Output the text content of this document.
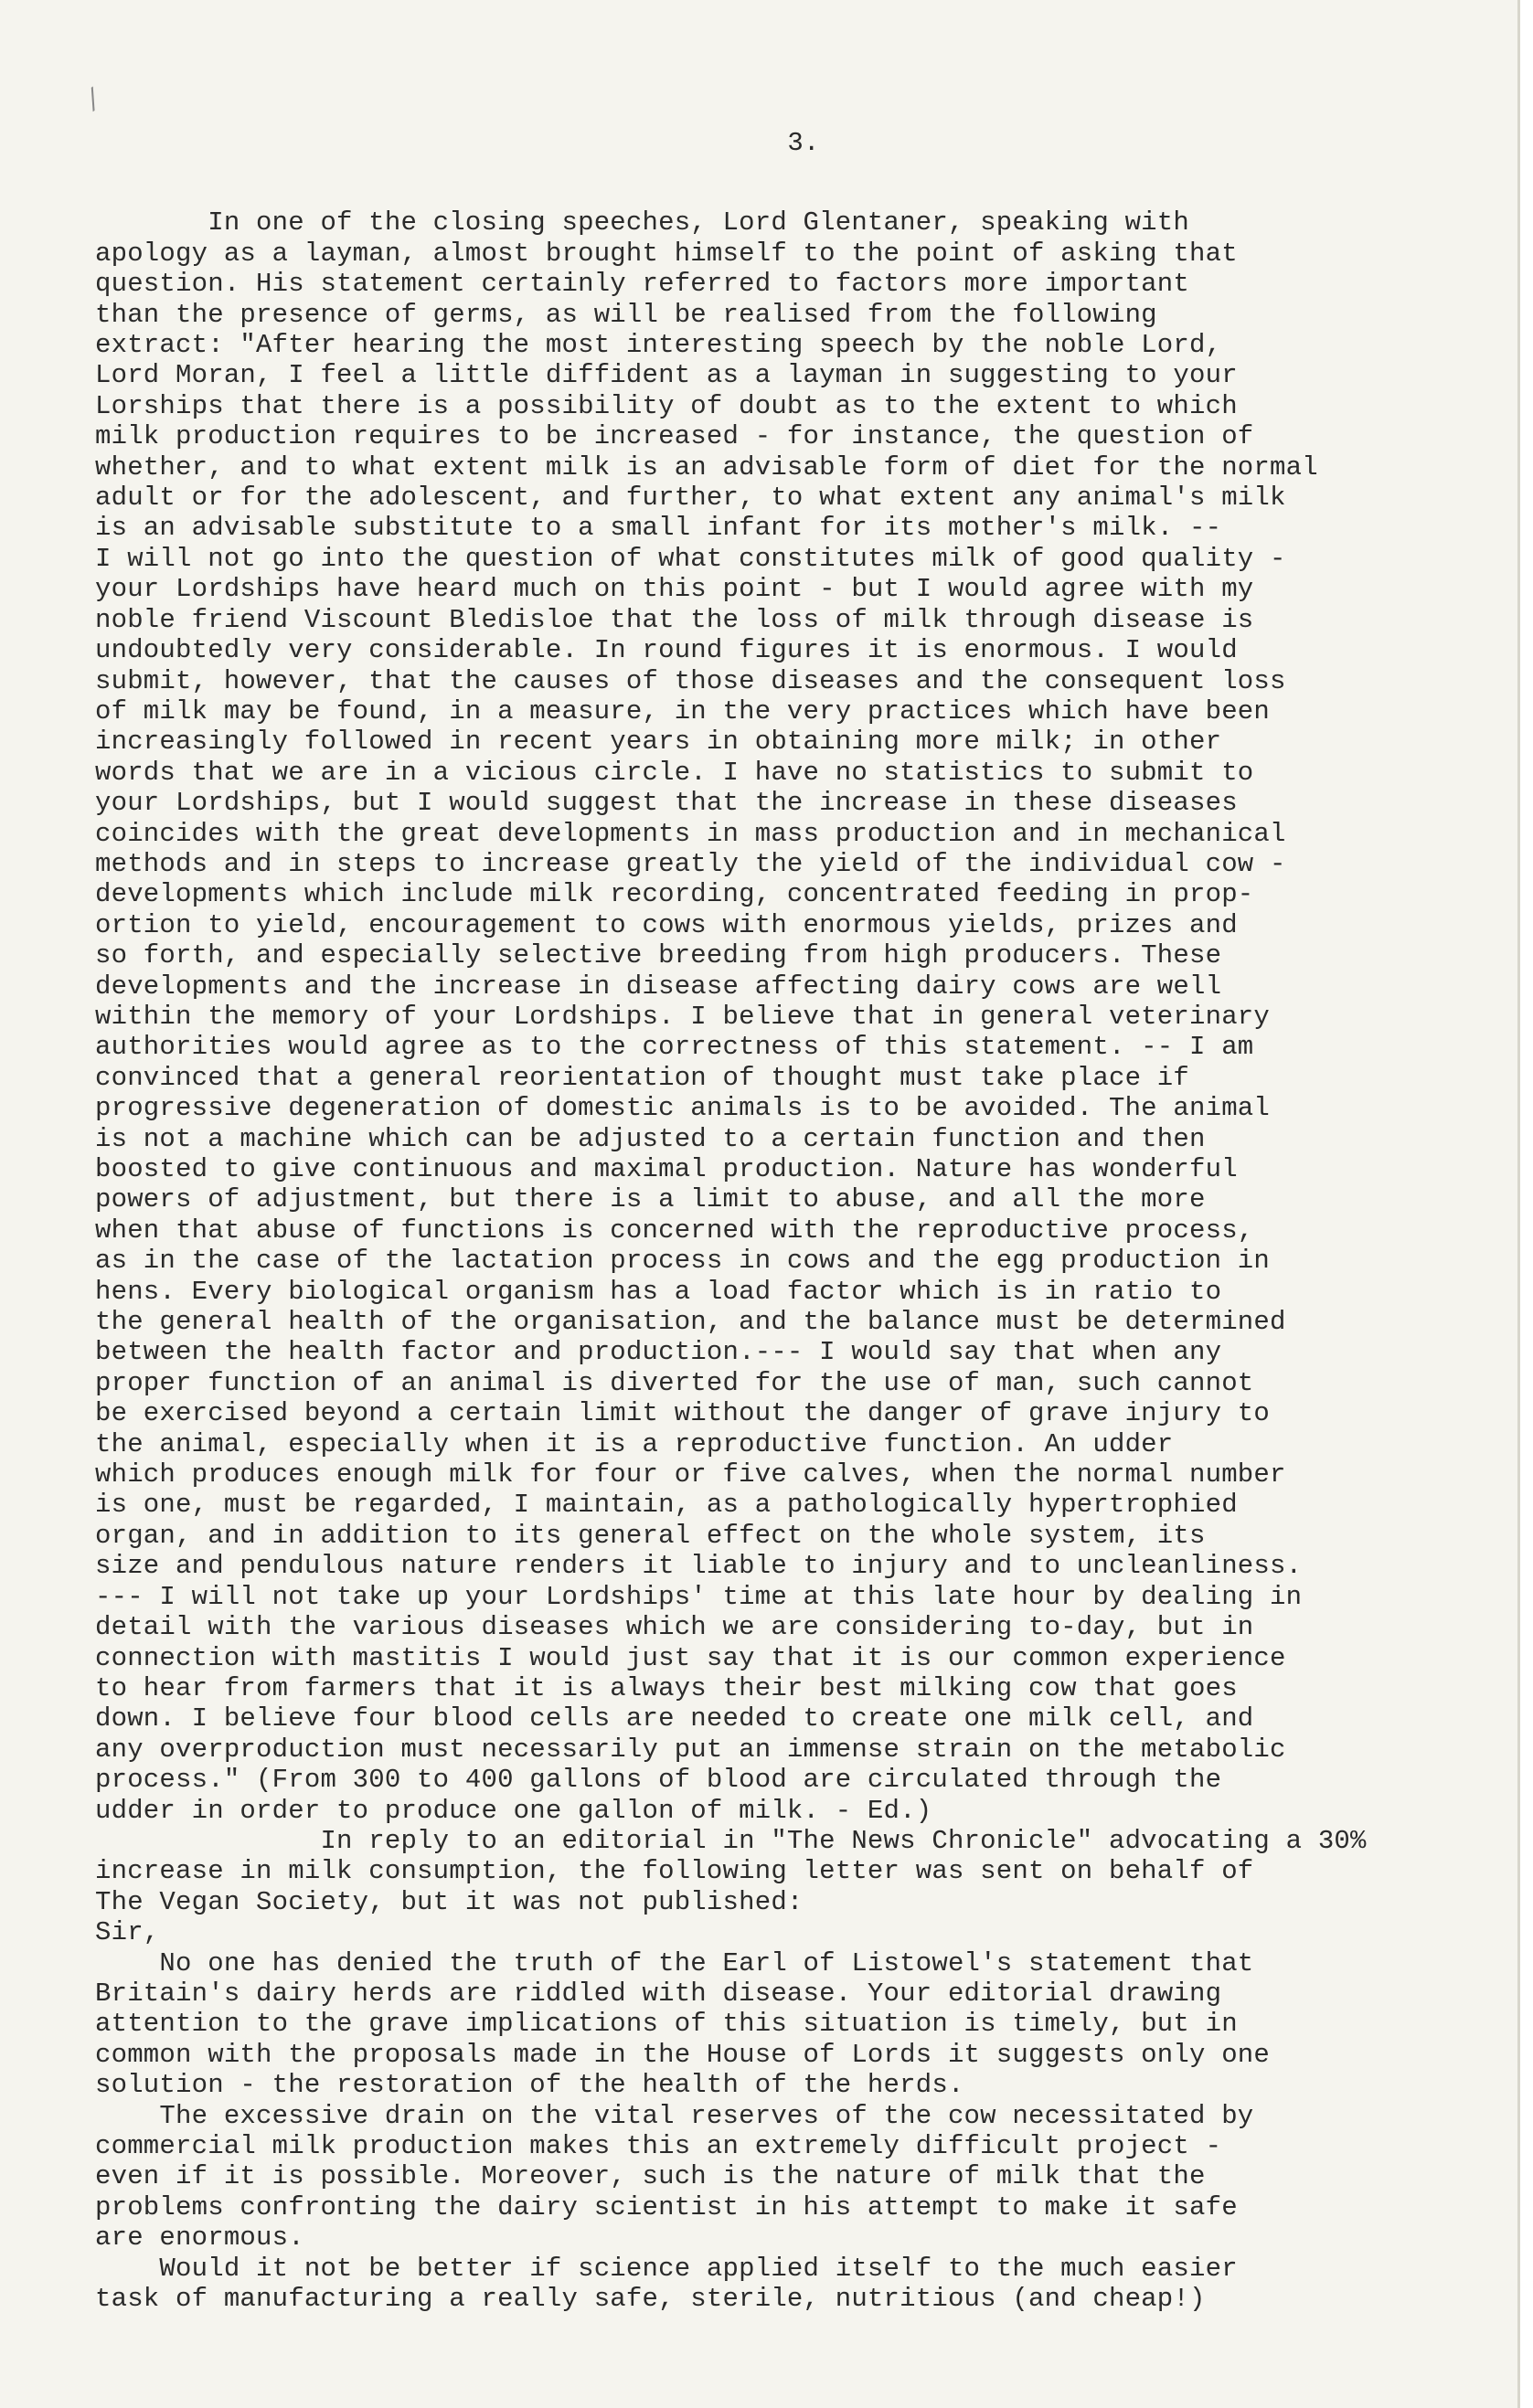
⁄
3.
In one of the closing speeches, Lord Glentaner, speaking with
apology as a layman, almost brought himself to the point of asking that
question. His statement certainly referred to factors more important
than the presence of germs, as will be realised from the following
extract: "After hearing the most interesting speech by the noble Lord,
Lord Moran, I feel a little diffident as a layman in suggesting to your
Lorships that there is a possibility of doubt as to the extent to which
milk production requires to be increased - for instance, the question of
whether, and to what extent milk is an advisable form of diet for the normal
adult or for the adolescent, and further, to what extent any animal's milk
is an advisable substitute to a small infant for its mother's milk. --
I will not go into the question of what constitutes milk of good quality -
your Lordships have heard much on this point - but I would agree with my
noble friend Viscount Bledisloe that the loss of milk through disease is
undoubtedly very considerable. In round figures it is enormous. I would
submit, however, that the causes of those diseases and the consequent loss
of milk may be found, in a measure, in the very practices which have been
increasingly followed in recent years in obtaining more milk; in other
words that we are in a vicious circle. I have no statistics to submit to
your Lordships, but I would suggest that the increase in these diseases
coincides with the great developments in mass production and in mechanical
methods and in steps to increase greatly the yield of the individual cow -
developments which include milk recording, concentrated feeding in prop-
ortion to yield, encouragement to cows with enormous yields, prizes and
so forth, and especially selective breeding from high producers. These
developments and the increase in disease affecting dairy cows are well
within the memory of your Lordships. I believe that in general veterinary
authorities would agree as to the correctness of this statement. -- I am
convinced that a general reorientation of thought must take place if
progressive degeneration of domestic animals is to be avoided. The animal
is not a machine which can be adjusted to a certain function and then
boosted to give continuous and maximal production. Nature has wonderful
powers of adjustment, but there is a limit to abuse, and all the more
when that abuse of functions is concerned with the reproductive process,
as in the case of the lactation process in cows and the egg production in
hens. Every biological organism has a load factor which is in ratio to
the general health of the organisation, and the balance must be determined
between the health factor and production.--- I would say that when any
proper function of an animal is diverted for the use of man, such cannot
be exercised beyond a certain limit without the danger of grave injury to
the animal, especially when it is a reproductive function. An udder
which produces enough milk for four or five calves, when the normal number
is one, must be regarded, I maintain, as a pathologically hypertrophied
organ, and in addition to its general effect on the whole system, its
size and pendulous nature renders it liable to injury and to uncleanliness.
--- I will not take up your Lordships' time at this late hour by dealing in
detail with the various diseases which we are considering to-day, but in
connection with mastitis I would just say that it is our common experience
to hear from farmers that it is always their best milking cow that goes
down. I believe four blood cells are needed to create one milk cell, and
any overproduction must necessarily put an immense strain on the metabolic
process." (From 300 to 400 gallons of blood are circulated through the
udder in order to produce one gallon of milk. - Ed.)
In reply to an editorial in "The News Chronicle" advocating a 30%
increase in milk consumption, the following letter was sent on behalf of
The Vegan Society, but it was not published:
Sir,
No one has denied the truth of the Earl of Listowel's statement that
Britain's dairy herds are riddled with disease. Your editorial drawing
attention to the grave implications of this situation is timely, but in
common with the proposals made in the House of Lords it suggests only one
solution - the restoration of the health of the herds.
The excessive drain on the vital reserves of the cow necessitated by
commercial milk production makes this an extremely difficult project -
even if it is possible. Moreover, such is the nature of milk that the
problems confronting the dairy scientist in his attempt to make it safe
are enormous.
Would it not be better if science applied itself to the much easier
task of manufacturing a really safe, sterile, nutritious (and cheap!)
